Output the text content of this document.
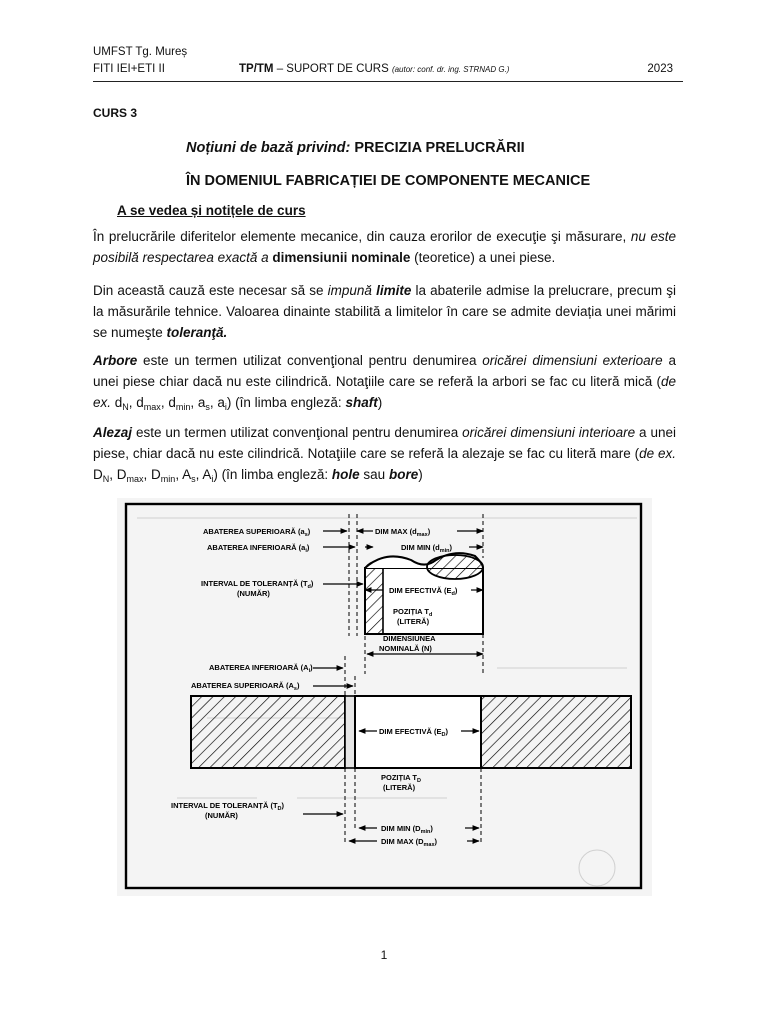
UMFST Tg. Mureș
FITI IEI+ETI II	TP/TM – SUPORT DE CURS (autor: conf. dr. ing. STRNAD G.)	2023
CURS 3
Noțiuni de bază privind: PRECIZIA PRELUCRĂRII
ÎN DOMENIUL FABRICAȚIEI DE COMPONENTE MECANICE
A se vedea și notițele de curs

În prelucrările diferitelor elemente mecanice, din cauza erorilor de execuţie şi măsurare, nu este posibilă respectarea exactă a dimensiunii nominale (teoretice) a unei piese.

Din această cauză este necesar să se impună limite la abaterile admise la prelucrare, precum şi la măsurările tehnice. Valoarea dinainte stabilită a limitelor în care se admite deviația unei mărimi se numeşte toleranţă.

Arbore este un termen utilizat convenţional pentru denumirea oricărei dimensiuni exterioare a unei piese chiar dacă nu este cilindrică. Notaţiile care se referă la arbori se fac cu literă mică (de ex. $d_N$, $d_{max}$, $d_{min}$, $a_s$, $a_i$) (în limba engleză: shaft)

Alezaj este un termen utilizat convenţional pentru denumirea oricărei dimensiuni interioare a unei piese, chiar dacă nu este cilindrică. Notaţiile care se referă la alezaje se fac cu literă mare (de ex. $D_N$, $D_{max}$, $D_{min}$, $A_s$, $A_i$) (în limba engleză: hole sau bore)

ABATEREA SUPERIOARĂ $(a_s)$
ABATEREA INFERIOARĂ $(a_i)$
DIM MAX $(d_{max})$
DIM MIN $(d_{min})$
INTERVAL DE TOLERANȚĂ $(T_d)$
(NUMĂR)	DIM EFECTIVĂ $(E_d)$
POZIȚIA $T_d$
(LITERĂ)
DIMENSIUNEA
NOMINALĂ (N)
ABATEREA INFERIOARĂ $(A_i)$
ABATEREA SUPERIOARĂ $(A_s)$
DIM EFECTIVĂ $(E_D)$
POZIȚIA $T_D$
(LITERĂ)
INTERVAL DE TOLERANȚĂ $(T_D)$
(NUMĂR)
DIM MIN $(D_{min})$
DIM MAX $(D_{max})$
1
